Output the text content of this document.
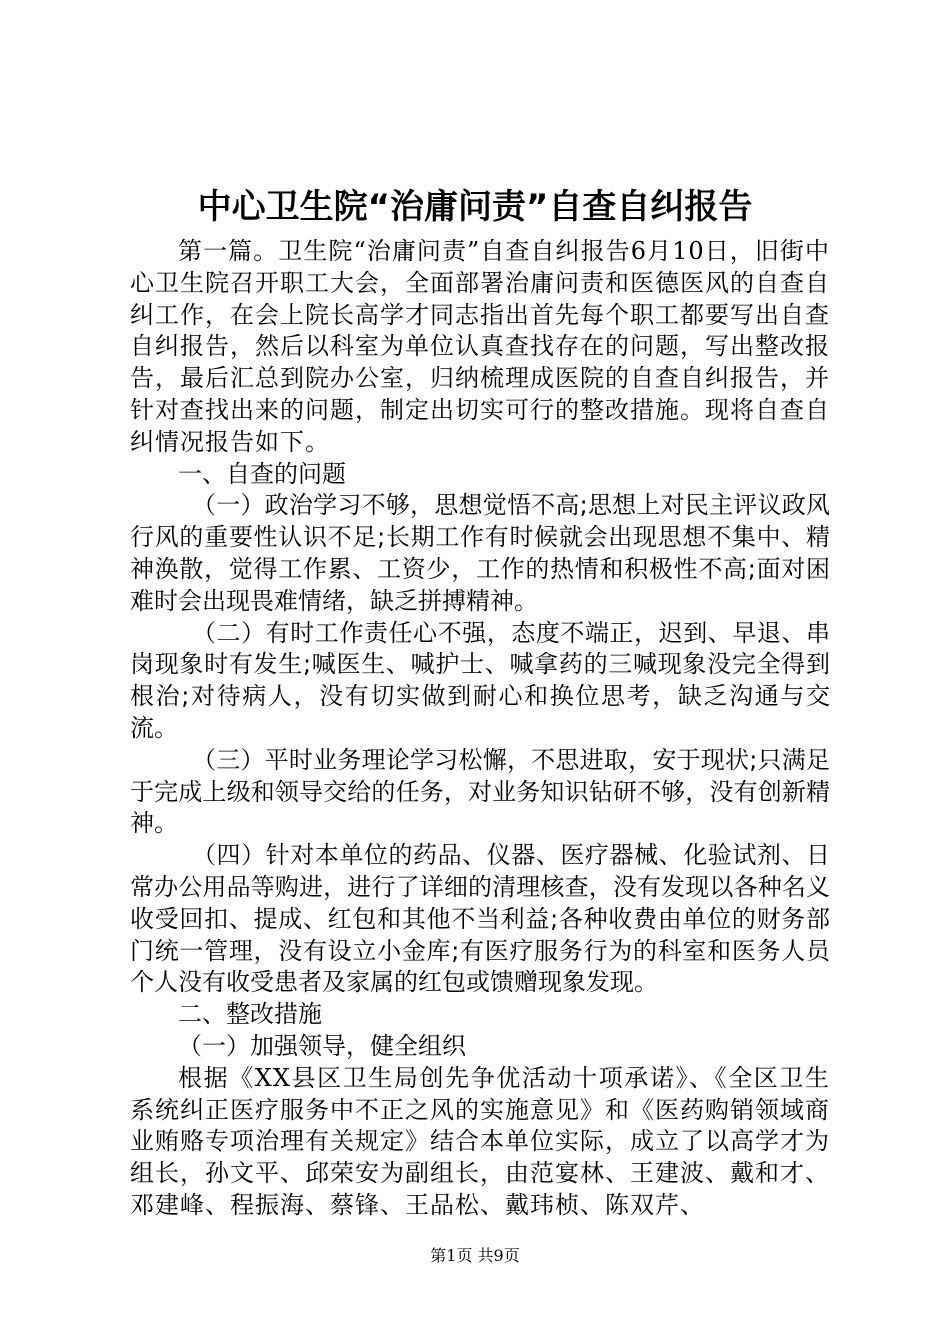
中心卫生院“治庸问责”自查自纠报告

第一篇。卫生院“治庸问责”自查自纠报告6月10日，旧街中心卫生院召开职工大会，全面部署治庸问责和医德医风的自查自纠工作，在会上院长高学才同志指出首先每个职工都要写出自查自纠报告，然后以科室为单位认真查找存在的问题，写出整改报告，最后汇总到院办公室，归纳梳理成医院的自查自纠报告，并针对查找出来的问题，制定出切实可行的整改措施。现将自查自纠情况报告如下。

一、自查的问题

（一）政治学习不够，思想觉悟不高;思想上对民主评议政风行风的重要性认识不足;长期工作有时候就会出现思想不集中、精神涣散，觉得工作累、工资少，工作的热情和积极性不高;面对困难时会出现畏难情绪，缺乏拼搏精神。

（二）有时工作责任心不强，态度不端正，迟到、早退、串岗现象时有发生;喊医生、喊护士、喊拿药的三喊现象没完全得到根治;对待病人，没有切实做到耐心和换位思考，缺乏沟通与交流。

（三）平时业务理论学习松懈，不思进取，安于现状;只满足于完成上级和领导交给的任务，对业务知识钻研不够，没有创新精神。

（四）针对本单位的药品、仪器、医疗器械、化验试剂、日常办公用品等购进，进行了详细的清理核查，没有发现以各种名义收受回扣、提成、红包和其他不当利益;各种收费由单位的财务部门统一管理，没有设立小金库;有医疗服务行为的科室和医务人员个人没有收受患者及家属的红包或馈赠现象发现。

二、整改措施

（一）加强领导，健全组织

根据《XX县区卫生局创先争优活动十项承诺》、《全区卫生系统纠正医疗服务中不正之风的实施意见》和《医药购销领域商业贿赂专项治理有关规定》结合本单位实际，成立了以高学才为组长，孙文平、邱荣安为副组长，由范宴林、王建波、戴和才、邓建峰、程振海、蔡锋、王品松、戴玮桢、陈双芹、

第1页 共9页
